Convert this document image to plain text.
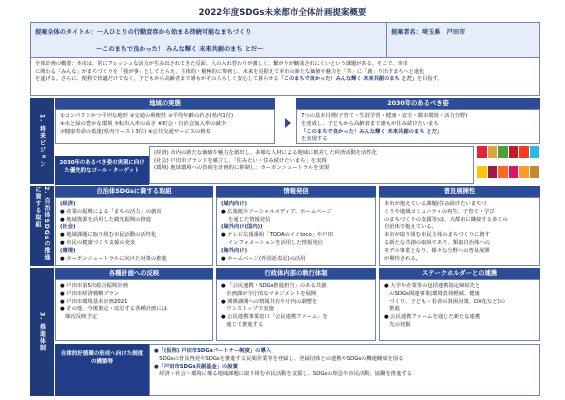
2022年度SDGs未来都市全体計画提案概要
提案全体のタイトル：一人ひとりの行動変容から始まる持続可能なまちづくり
～このまちで良かった！ みんな輝く 未来共創のまち とだ～
提案者名：埼玉県　戸田市
全体計画の概要：本市は、常にフレッシュな活力が生み出されてきた反面、人の入れ替わりが激しく、繋がりが醸成されにくいという課題がある。そこで、本市
に関わる「みんな」がまちづくりを「我が事」としてとらえ、主体的・積極的に参画し、未来を見据えて本市の新たな価値や魅力を「共」に「創」り出すまちへと進化
を遂げる。さらに、便利で快適だけでなく、子どもから高齢者まで誰もがその人らしく安心して暮らせる「このまちで良かった！みんな輝く 未来共創のまち とだ」を目指す。
1. 将来ビジョン
2. 自治体SDGsの推進に資する取組
3. 推進体制
地域の実態
①コンパクトかつ平坦な地形 ②交通の利便性 ③平均年齢の若さ(県内1位)
④水と緑の豊かな環境 ⑤転出入率の高さ ⑥町会・自治会加入率の減少
⑦健康寿命の低迷(県内ワースト3位) ⑧公共交通サービスの格差
2030年のあるべき姿
7つの基本目標(子育て・生涯学習・健康・安全・都市環境・活力分野)
を達成し、子どもから高齢者まで誰もが住み続けたいまち
「このまちで良かった！みんな輝く 未来共創のまち とだ」
を実現する
2030年のあるべき姿の実現に向けた優先的なゴール・ターゲット
(経済) 市内の新たな価値や魅力を創出し、多様な人材による地域に根差した経済活動を活性化
(社会) 戸田市ブランドを確立し、「住みたい・住み続けたいまち」を実現
(環境) 地球環境への負荷を計画的に抑制し、カーボンニュートラルを実現
自治体SDGsに資する取組
(経済)
● 産業の振興による「まちの活力」の創出
● 地域資源を活用した観光振興の推進
(社会)
● 地域課題に取り組む市民活動の活性化
● 市民の健康づくり支援の充実
(環境)
● カーボンニュートラルに向けた対策の推進
情報発信
(域内向け)
● 広報紙やソーシャルメディア、ホームページ
を通じた情報発信
(域外向け(国内))
● テレビ広報番組「TODAのイイtoco」や戸田
インフォメーションを活用した情報発信
(海外向け)
● ホームページ(外国語表記)の活用
普及展開性
本市が抱えている課題(住み続けたいまちづ
くりや地域コミュニティの再生、子育て・学び
のまちづくりの支援等)は、大都市に隣接する多くの
自治体で抱えている。
本市が取り組む市民主体のまちづくりに資す
る新たな共創の取組であり、類似自治体への
モデル事業となり、様々な分野への普及展開
が期待される。
各種計画への反映
● 戸田市第5次総合振興計画
● 戸田市経済戦略プラン
● 戸田市環境基本計画2021
● その他、今後策定・改訂する各種計画には
　順次反映予定
行政体内部の執行体制
● 「公民連携・SDGs推進担当」のある共創
　企画課が全庁的なマネジメントを展開
● 関係課間への情報共有や庁内の調整を
　ワンストップで実施
● 公民連携事業窓口「公民連携ファーム」を
　通じて推進する
ステークホルダーとの連携
● 大学や企業等の包括連携協定締結先と
　のSDGs関連事業(環境負荷軽減、健康
　づくり、子ども・若者の貧困対策、DX化など)の
　推進
● 公民連携ファームを通じた新たな連携
　先の発掘
自律的好循環の形成へ向けた制度の構築等
●「(仮称) 戸田市SDGsパートナー制度」の導入
　SDGsの普及啓発やSDGsを推進する民間企業等を登録し、登録団体との連携やSDGsの機運醸成を図る
●「戸田市SDGs共創基金」の設置
　経済・社会・環境に係る地域課題に取り組む市民活動を支援し、SDGsの理念や市民活動、協働を推進する
